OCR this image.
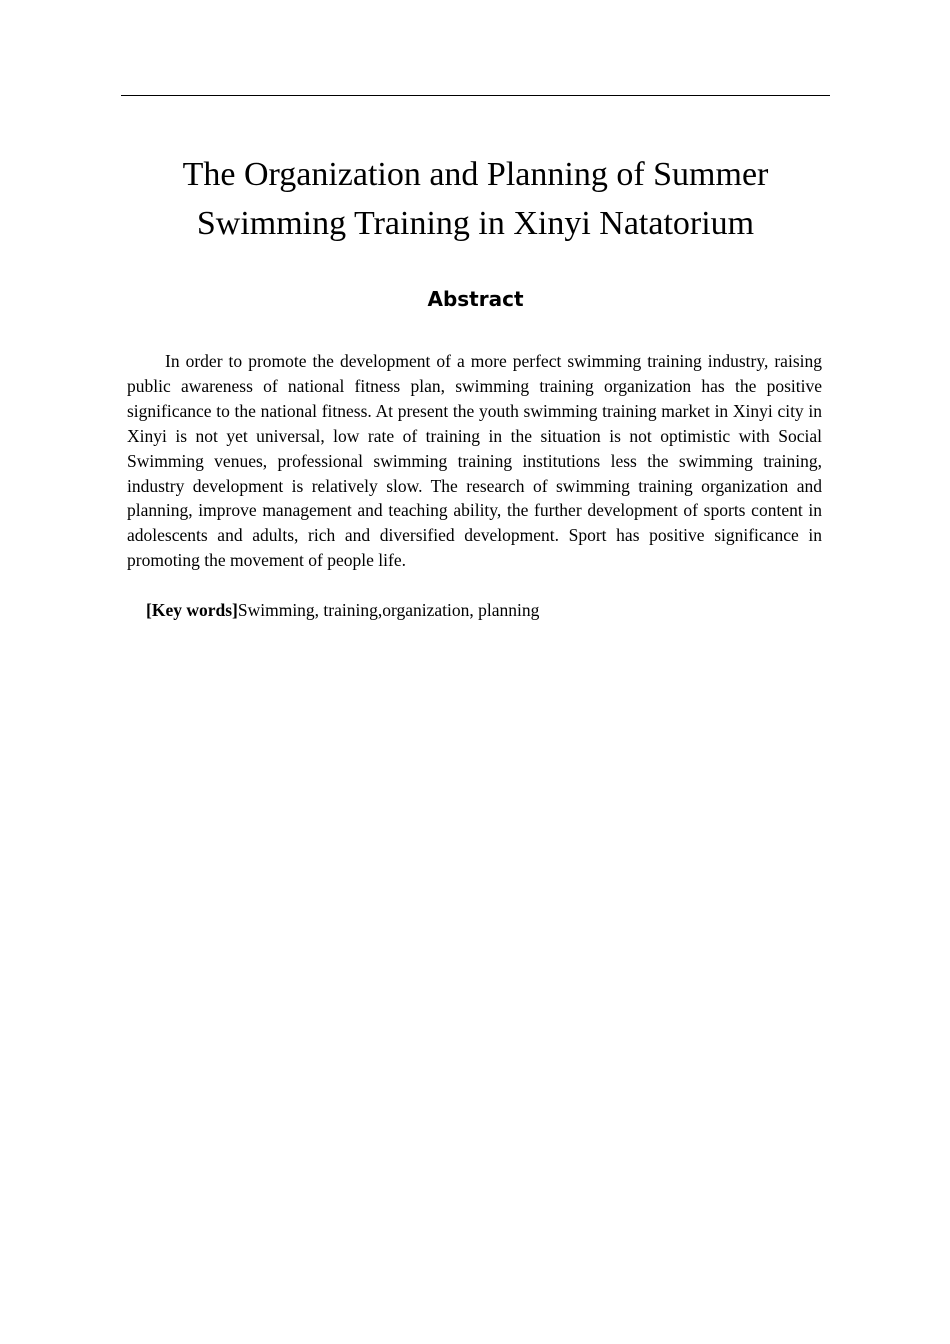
The Organization and Planning of Summer
Swimming Training in Xinyi Natatorium
Abstract

In order to promote the development of a more perfect swimming training industry, raising public awareness of national fitness plan, swimming training organization has the positive significance to the national fitness. At present the youth swimming training market in Xinyi city in Xinyi is not yet universal, low rate of training in the situation is not optimistic with Social Swimming venues, professional swimming training institutions less the swimming training, industry development is relatively slow. The research of swimming training organization and planning, improve management and teaching ability, the further development of sports content in adolescents and adults, rich and diversified development. Sport has positive significance in promoting the movement of people life.

[Key words]Swimming, training,organization, planning
